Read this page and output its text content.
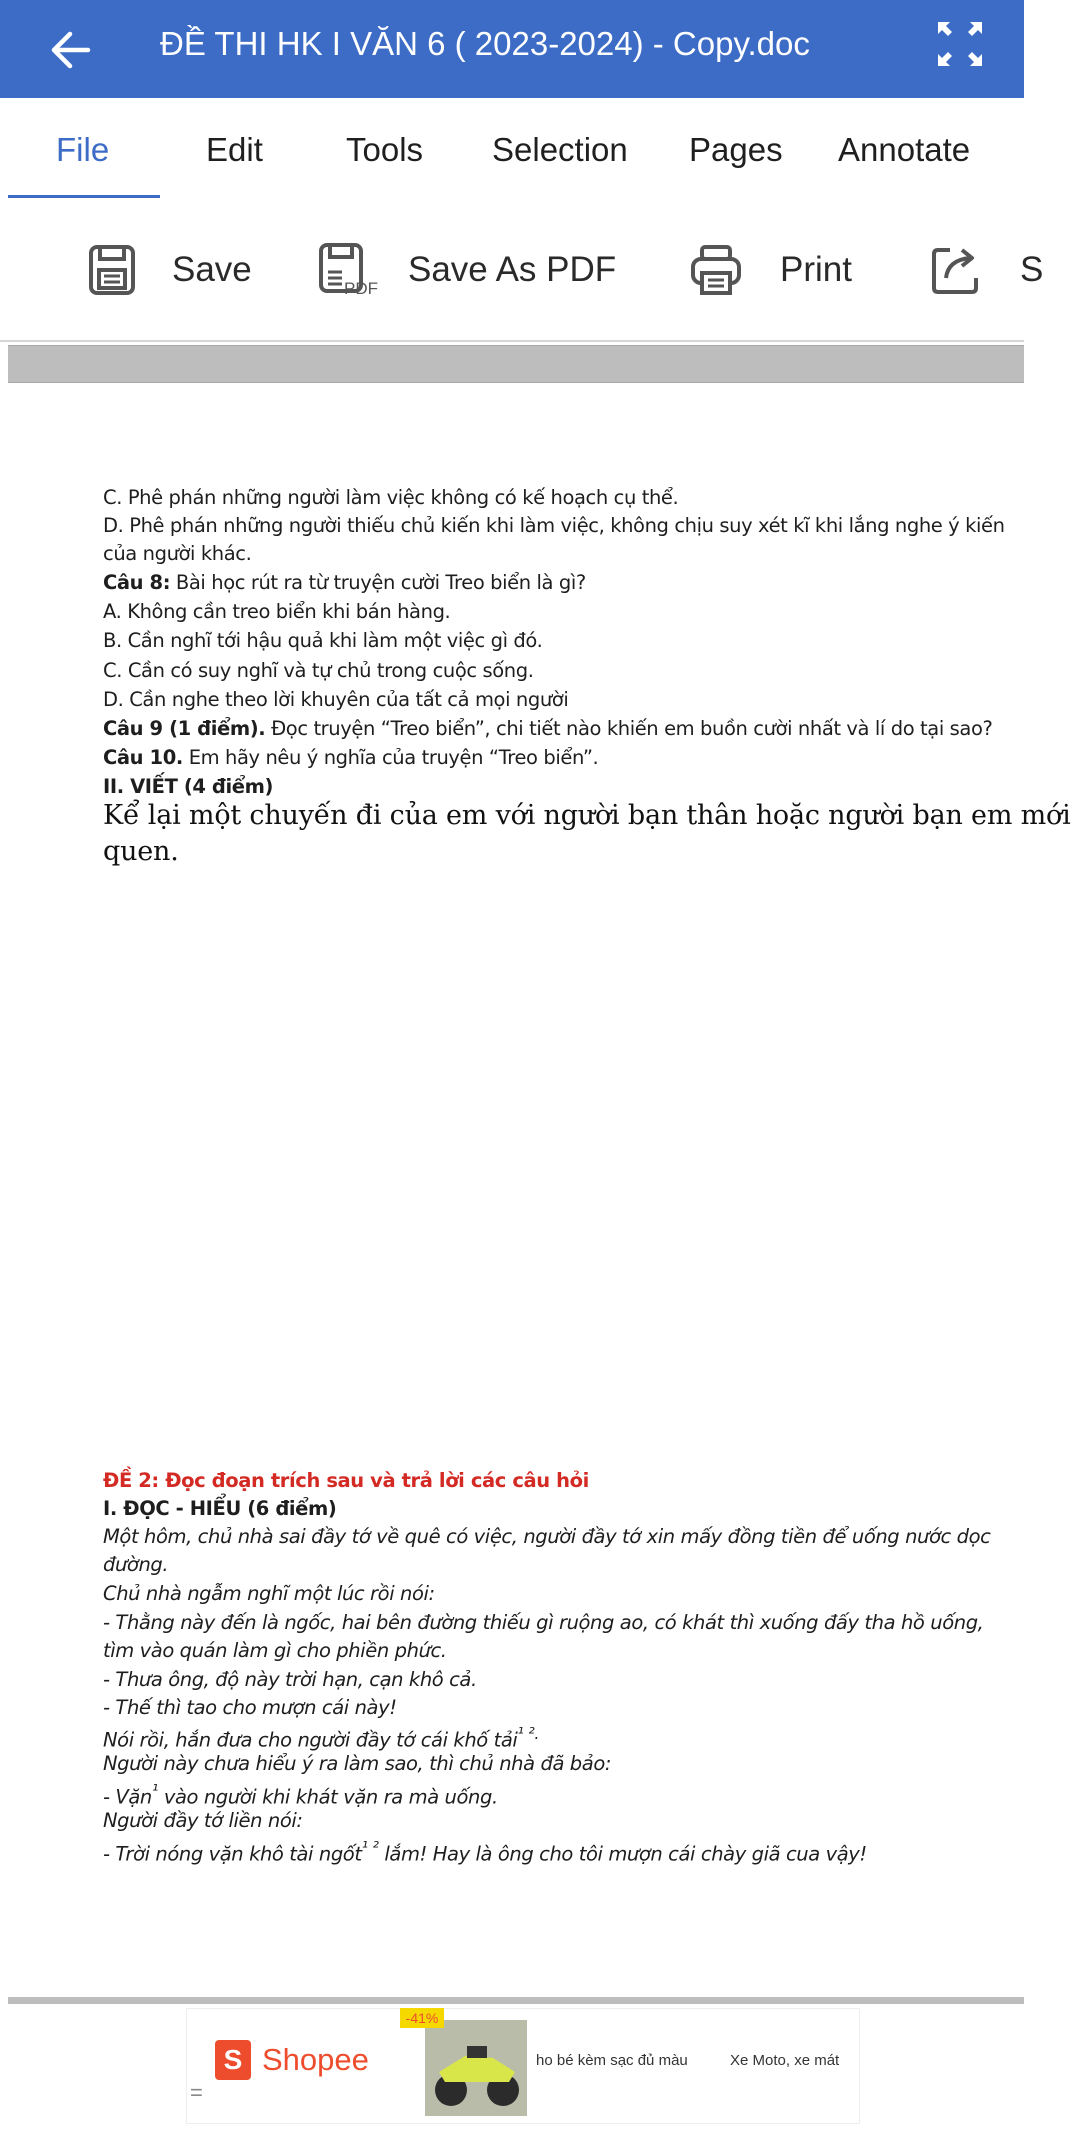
ĐỀ THI HK I VĂN 6 ( 2023-2024) - Copy.doc
File	Edit	Tools Selection Pages Annotate
Save	PDF Save As PDF	Print	S
C. Phê phán những người làm việc không có kế hoạch cụ thể.
D. Phê phán những người thiếu chủ kiến khi làm việc, không chịu suy xét kĩ khi lắng nghe ý kiến
của người khác.
Câu 8: Bài học rút ra từ truyện cười Treo biển là gì?
A. Không cần treo biển khi bán hàng.
B. Cần nghĩ tới hậu quả khi làm một việc gì đó.
C. Cần có suy nghĩ và tự chủ trong cuộc sống.
D. Cần nghe theo lời khuyên của tất cả mọi người
Câu 9 (1 điểm). Đọc truyện “Treo biển”, chi tiết nào khiến em buồn cười nhất và lí do tại sao?
Câu 10. Em hãy nêu ý nghĩa của truyện “Treo biển”.
II. VIẾT (4 điểm)
Kể lại một chuyến đi của em với người bạn thân hoặc người bạn em mới
quen.
ĐỀ 2: Đọc đoạn trích sau và trả lời các câu hỏi
I. ĐỌC - HIỂU (6 điểm)
Một hôm, chủ nhà sai đầy tớ về quê có việc, người đầy tớ xin mấy đồng tiền để uống nước dọc
đường.
Chủ nhà ngẫm nghĩ một lúc rồi nói:
- Thằng này đến là ngốc, hai bên đường thiếu gì ruộng ao, có khát thì xuống đấy tha hồ uống,
tìm vào quán làm gì cho phiền phức.
- Thưa ông, độ này trời hạn, cạn khô cả.
- Thế thì tao cho mượn cái này!
Nói rồi, hắn đưa cho người đầy tớ cái khố tải$^{^1 ^2.}$
Người này chưa hiểu ý ra làm sao, thì chủ nhà đã bảo:
- Vặn$^{^1}$ vào người khi khát vặn ra mà uống.
Người đầy tớ liền nói:
- Trời nóng vặn khô tài ngốt$^{^1 ^2}$ lắm! Hay là ông cho tôi mượn cái chày giã cua vậy!
=
S Shopee
-41%
ho bé kèm sạc đủ màu	Xe Moto, xe mát
